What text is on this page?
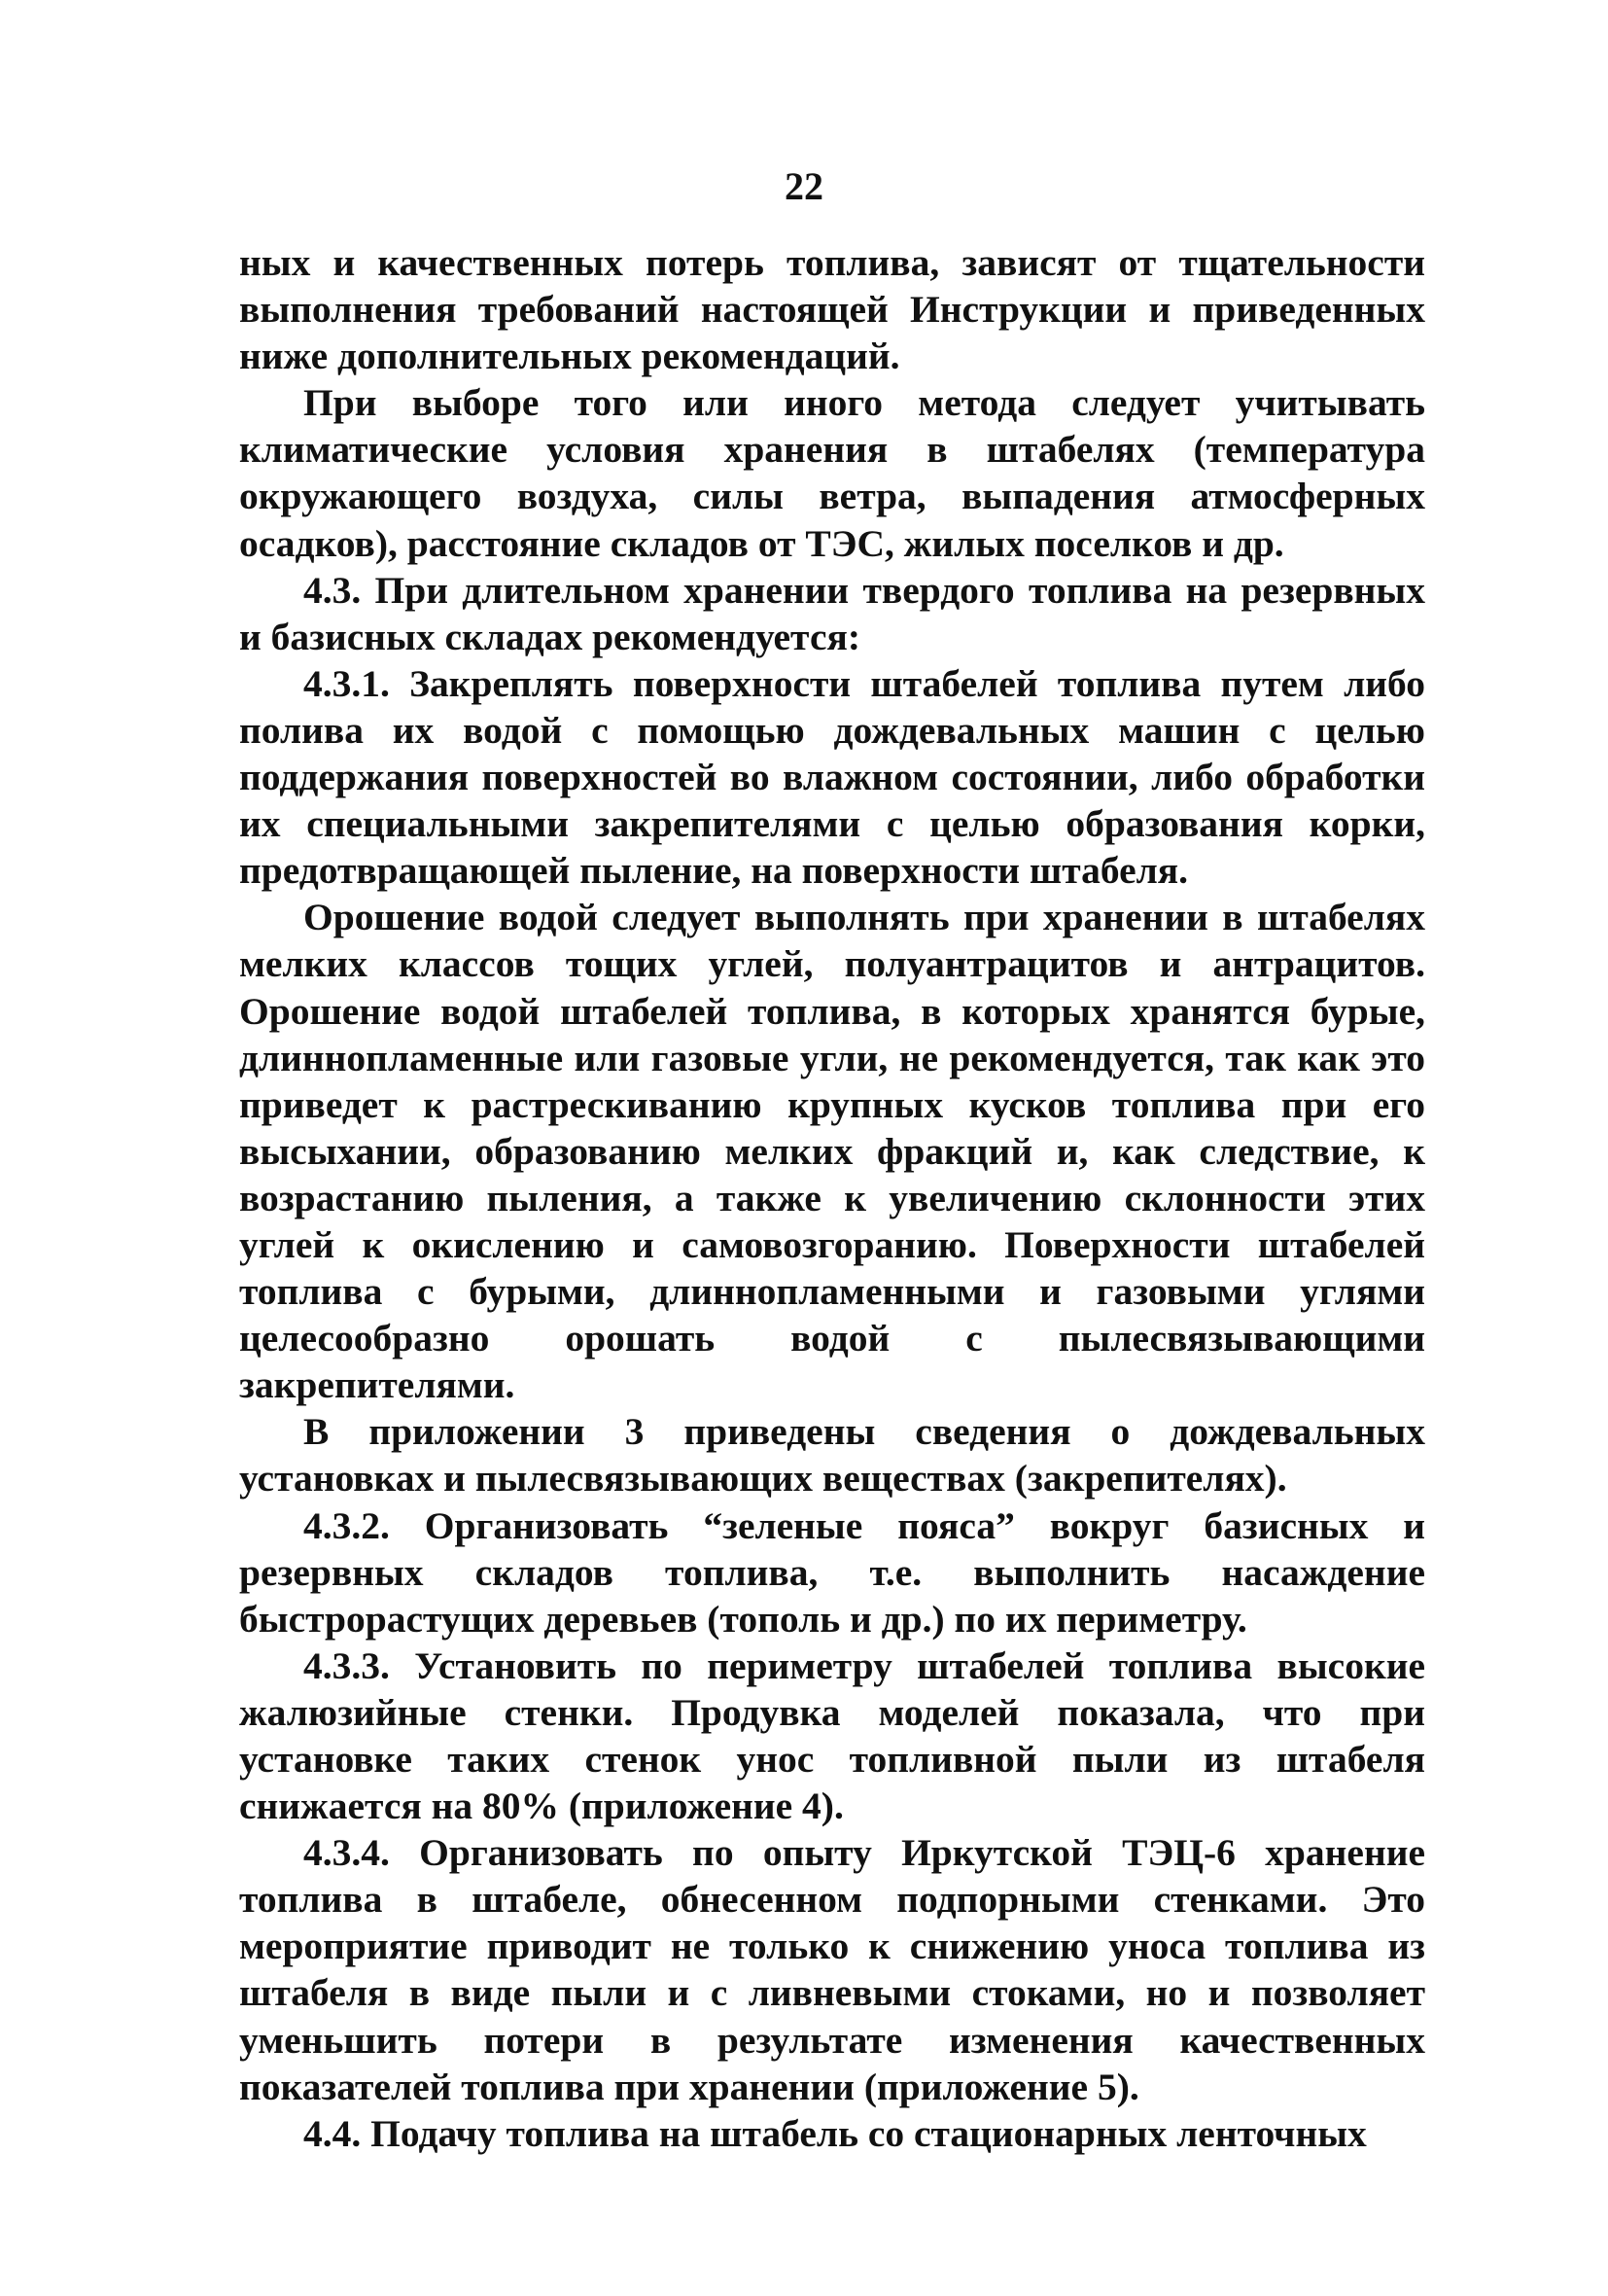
22

ных и качественных потерь топлива, зависят от тщательности выполнения требований настоящей Инструкции и приведенных ниже дополнительных рекомендаций.

При выборе того или иного метода следует учитывать климатические условия хранения в штабелях (температура окружающего воздуха, силы ветра, выпадения атмосферных осадков), расстояние складов от ТЭС, жилых поселков и др.

4.3. При длительном хранении твердого топлива на резервных и базисных складах рекомендуется:

4.3.1. Закреплять поверхности штабелей топлива путем либо полива их водой с помощью дождевальных машин с целью поддержания поверхностей во влажном состоянии, либо обработки их специальными закрепителями с целью образования корки, предотвращающей пыление, на поверхности штабеля.

Орошение водой следует выполнять при хранении в штабелях мелких классов тощих углей, полуантрацитов и антрацитов. Орошение водой штабелей топлива, в которых хранятся бурые, длиннопламенные или газовые угли, не рекомендуется, так как это приведет к растрескиванию крупных кусков топлива при его высыхании, образованию мелких фракций и, как следствие, к возрастанию пыления, а также к увеличению склонности этих углей к окислению и самовозгоранию. Поверхности штабелей топлива с бурыми, длиннопламенными и газовыми углями целесообразно орошать водой с пылесвязывающими закрепителями.

В приложении 3 приведены сведения о дождевальных установках и пылесвязывающих веществах (закрепителях).

4.3.2. Организовать “зеленые пояса” вокруг базисных и резервных складов топлива, т.е. выполнить насаждение быстрорастущих деревьев (тополь и др.) по их периметру.

4.3.3. Установить по периметру штабелей топлива высокие жалюзийные стенки. Продувка моделей показала, что при установке таких стенок унос топливной пыли из штабеля снижается на 80% (приложение 4).

4.3.4. Организовать по опыту Иркутской ТЭЦ-6 хранение топлива в штабеле, обнесенном подпорными стенками. Это мероприятие приводит не только к снижению уноса топлива из штабеля в виде пыли и с ливневыми стоками, но и позволяет уменьшить потери в результате изменения качественных показателей топлива при хранении (приложение 5).

4.4. Подачу топлива на штабель со стационарных ленточных
